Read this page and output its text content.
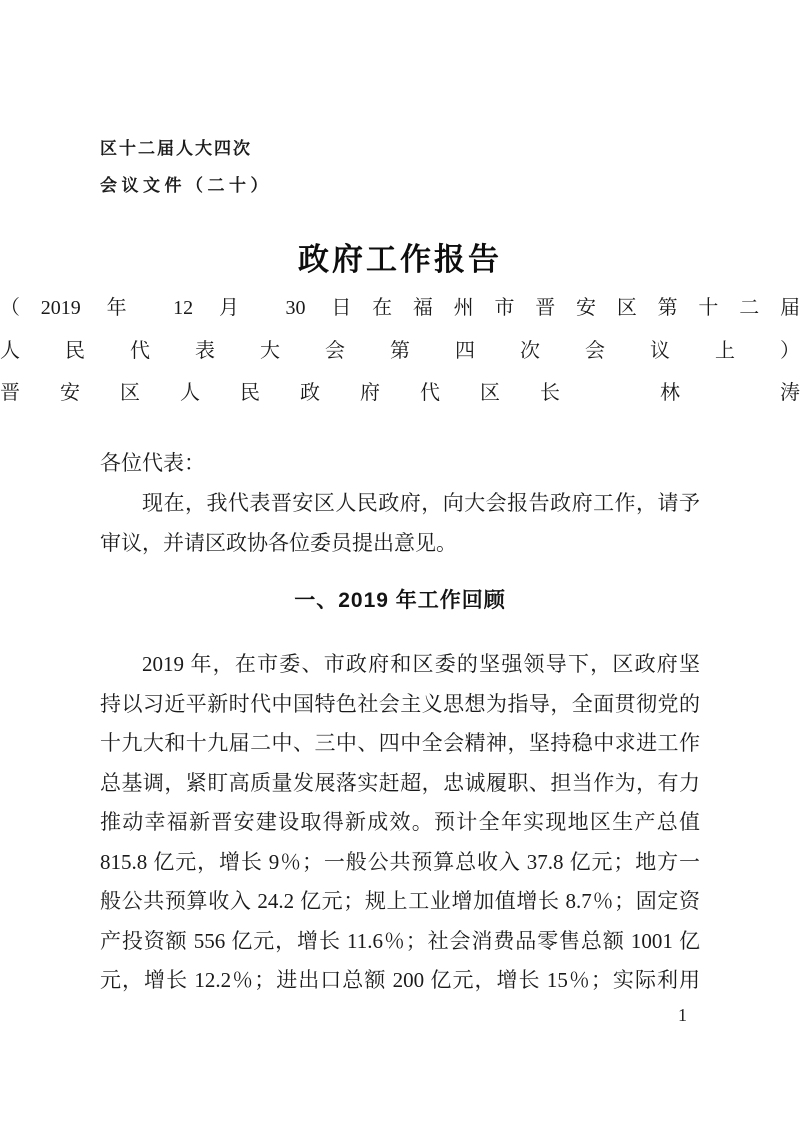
区十二届人大四次
会议文件（二十）
政府工作报告
（2019 年 12 月 30 日在福州市晋安区第十二届
人民代表大会第四次会议上）
晋安区人民政府代区长　林　涛
各位代表：
现在，我代表晋安区人民政府，向大会报告政府工作，请予
审议，并请区政协各位委员提出意见。
一、2019 年工作回顾
2019 年，在市委、市政府和区委的坚强领导下，区政府坚
持以习近平新时代中国特色社会主义思想为指导，全面贯彻党的
十九大和十九届二中、三中、四中全会精神，坚持稳中求进工作
总基调，紧盯高质量发展落实赶超，忠诚履职、担当作为，有力
推动幸福新晋安建设取得新成效。预计全年实现地区生产总值
815.8 亿元，增长 9％；一般公共预算总收入 37.8 亿元；地方一
般公共预算收入 24.2 亿元；规上工业增加值增长 8.7％；固定资
产投资额 556 亿元，增长 11.6％；社会消费品零售总额 1001 亿
元，增长 12.2％；进出口总额 200 亿元，增长 15％；实际利用
1
